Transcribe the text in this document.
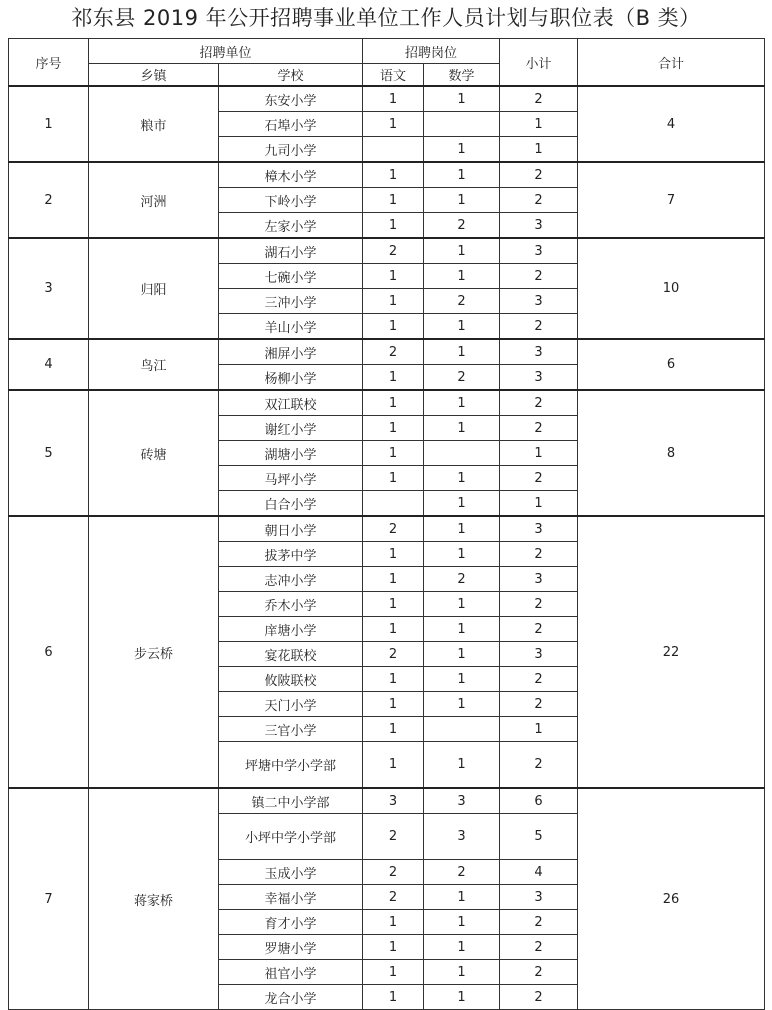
祁东县 2019 年公开招聘事业单位工作人员计划与职位表（B 类）
序号	招聘单位		招聘岗位		小计	合计
	乡镇	学校	语文	数学		
1	粮市	东安小学	1	1	2	4
		石埠小学	1		1	
		九司小学		1	1	
2	河洲	樟木小学	1	1	2	7
		下岭小学	1	1	2	
		左家小学	1	2	3	
3	归阳	湖石小学	2	1	3	10
		七碗小学	1	1	2	
		三冲小学	1	2	3	
		羊山小学	1	1	2	
4	鸟江	湘屏小学	2	1	3	6
		杨柳小学	1	2	3	
5	砖塘	双江联校	1	1	2	8
		谢红小学	1	1	2	
		湖塘小学	1		1	
		马坪小学	1	1	2	
		白合小学		1	1	
6	步云桥	朝日小学	2	1	3	22
		拔茅中学	1	1	2	
		志冲小学	1	2	3	
		乔木小学	1	1	2	
		庠塘小学	1	1	2	
		宴花联校	2	1	3	
		攸陂联校	1	1	2	
		天门小学	1	1	2	
		三官小学	1		1	
		坪塘中学小学部	1	1	2	
7	蒋家桥	镇二中小学部	3	3	6	26
		小坪中学小学部	2	3	5	
		玉成小学	2	2	4	
		幸福小学	2	1	3	
		育才小学	1	1	2	
		罗塘小学	1	1	2	
		祖官小学	1	1	2	
		龙合小学	1	1	2	
